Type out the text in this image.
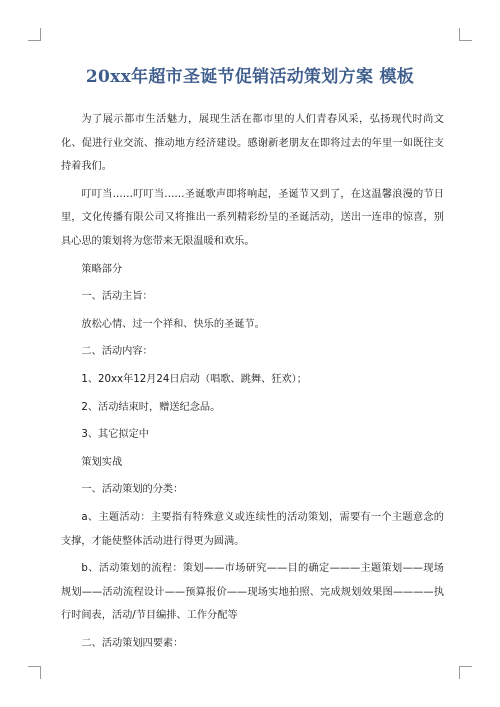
20xx年超市圣诞节促销活动策划方案 模板

为了展示都市生活魅力，展现生活在都市里的人们青春风采，弘扬现代时尚文化、促进行业交流、推动地方经济建设。感谢新老朋友在即将过去的年里一如既往支持着我们。

叮叮当……叮叮当……圣诞歌声即将响起，圣诞节又到了，在这温馨浪漫的节日里，文化传播有限公司又将推出一系列精彩纷呈的圣诞活动，送出一连串的惊喜，别具心思的策划将为您带来无限温暖和欢乐。

策略部分

一、活动主旨：

放松心情、过一个祥和、快乐的圣诞节。

二、活动内容：

1、20xx年12月24日启动（唱歌、跳舞、狂欢）；

2、活动结束时，赠送纪念品。

3、其它拟定中

策划实战

一、活动策划的分类：

a、主题活动：主要指有特殊意义或连续性的活动策划，需要有一个主题意念的支撑，才能使整体活动进行得更为圆满。

b、活动策划的流程：策划——市场研究——目的确定———主题策划——现场规划——活动流程设计——预算报价——现场实地拍照、完成规划效果图————执行时间表，活动/节目编排、工作分配等

二、活动策划四要素：
